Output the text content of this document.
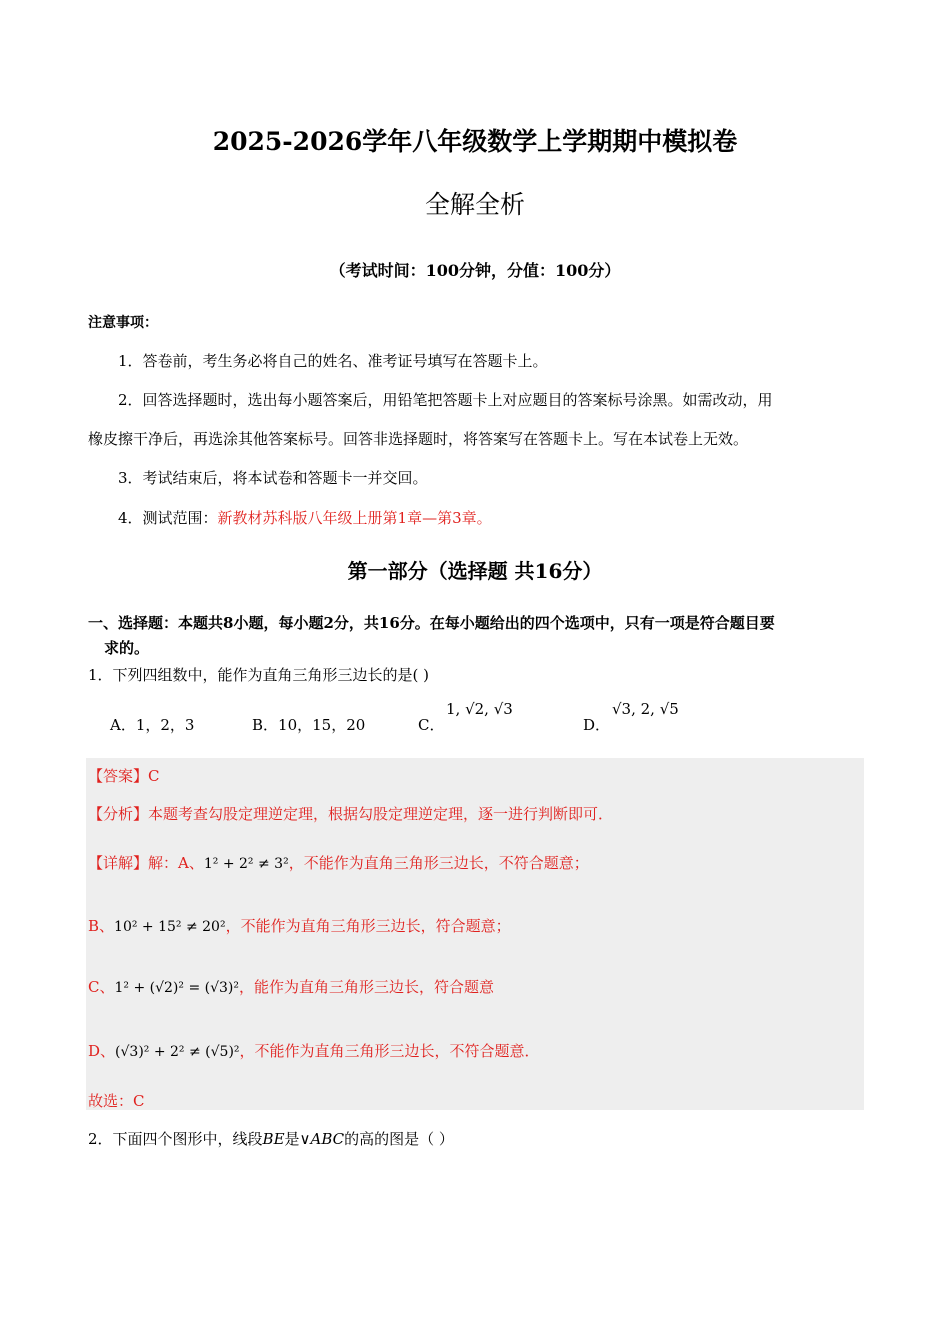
2025-2026学年八年级数学上学期期中模拟卷
全解全析
（考试时间：100分钟，分值：100分）
注意事项：
1．答卷前，考生务必将自己的姓名、准考证号填写在答题卡上。
2．回答选择题时，选出每小题答案后，用铅笔把答题卡上对应题目的答案标号涂黑。如需改动，用
橡皮擦干净后，再选涂其他答案标号。回答非选择题时，将答案写在答题卡上。写在本试卷上无效。
3．考试结束后，将本试卷和答题卡一并交回。
4．测试范围：新教材苏科版八年级上册第1章—第3章。
第一部分（选择题 共16分）
一、选择题：本题共8小题，每小题2分，共16分。在每小题给出的四个选项中，只有一项是符合题目要
求的。
1．下列四组数中，能作为直角三角形三边长的是( )
A．1，2，3	B．10，15，20	C．
1, √2, √3
D．
√3, 2, √5
【答案】C
【分析】本题考查勾股定理逆定理，根据勾股定理逆定理，逐一进行判断即可．
【详解】解：A、1² + 2² ≠ 3²，不能作为直角三角形三边长，不符合题意；
B、10² + 15² ≠ 20²，不能作为直角三角形三边长，符合题意；
C、1² + (√2)² = (√3)²，能作为直角三角形三边长，符合题意
D、(√3)² + 2² ≠ (√5)²，不能作为直角三角形三边长，不符合题意．
故选：C
2．下面四个图形中，线段BE是∨ABC的高的图是（ ）
